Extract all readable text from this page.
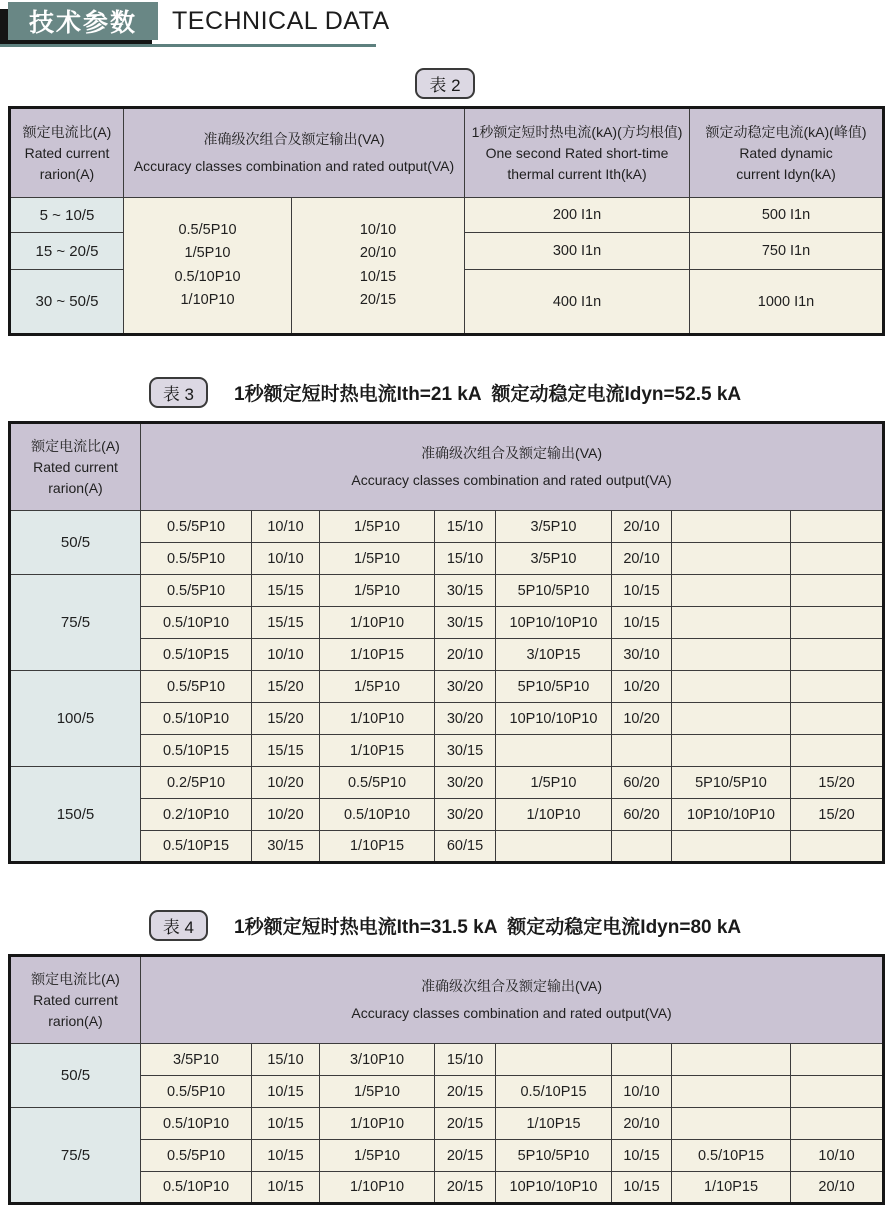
技术参数 TECHNICAL DATA
表 2
额定电流比(A)
Rated current
rarion(A)	准确级次组合及额定输出(VA)
Accuracy classes combination and rated output(VA)		1秒额定短时热电流(kA)(方均根值)
One second Rated short-time
thermal current Ith(kA)	额定动稳定电流(kA)(峰值)
Rated dynamic
current Idyn(kA)
5 ~ 10/5	0.5/5P10
1/5P10
0.5/10P10
1/10P10	10/10
20/10
10/15
20/15	200 I1n	500 I1n
15 ~ 20/5			300 I1n	750 I1n
30 ~ 50/5			400 I1n	1000 I1n
表 3	1秒额定短时热电流Ith=21 kA  额定动稳定电流Idyn=52.5 kA
额定电流比(A)
Rated current
rarion(A)	准确级次组合及额定输出(VA)
Accuracy classes combination and rated output(VA)							
50/5	0.5/5P10	10/10	1/5P10	15/10	3/5P10	20/10		
	0.5/5P10	10/10	1/5P10	15/10	3/5P10	20/10		
75/5	0.5/5P10	15/15	1/5P10	30/15	5P10/5P10	10/15		
	0.5/10P10	15/15	1/10P10	30/15	10P10/10P10	10/15		
	0.5/10P15	10/10	1/10P15	20/10	3/10P15	30/10		
100/5	0.5/5P10	15/20	1/5P10	30/20	5P10/5P10	10/20		
	0.5/10P10	15/20	1/10P10	30/20	10P10/10P10	10/20		
	0.5/10P15	15/15	1/10P15	30/15				
150/5	0.2/5P10	10/20	0.5/5P10	30/20	1/5P10	60/20	5P10/5P10	15/20
	0.2/10P10	10/20	0.5/10P10	30/20	1/10P10	60/20	10P10/10P10	15/20
	0.5/10P15	30/15	1/10P15	60/15				
表 4	1秒额定短时热电流Ith=31.5 kA  额定动稳定电流Idyn=80 kA
额定电流比(A)
Rated current
rarion(A)	准确级次组合及额定输出(VA)
Accuracy classes combination and rated output(VA)							
50/5	3/5P10	15/10	3/10P10	15/10				
	0.5/5P10	10/15	1/5P10	20/15	0.5/10P15	10/10		
75/5	0.5/10P10	10/15	1/10P10	20/15	1/10P15	20/10		
	0.5/5P10	10/15	1/5P10	20/15	5P10/5P10	10/15	0.5/10P15	10/10
	0.5/10P10	10/15	1/10P10	20/15	10P10/10P10	10/15	1/10P15	20/10
